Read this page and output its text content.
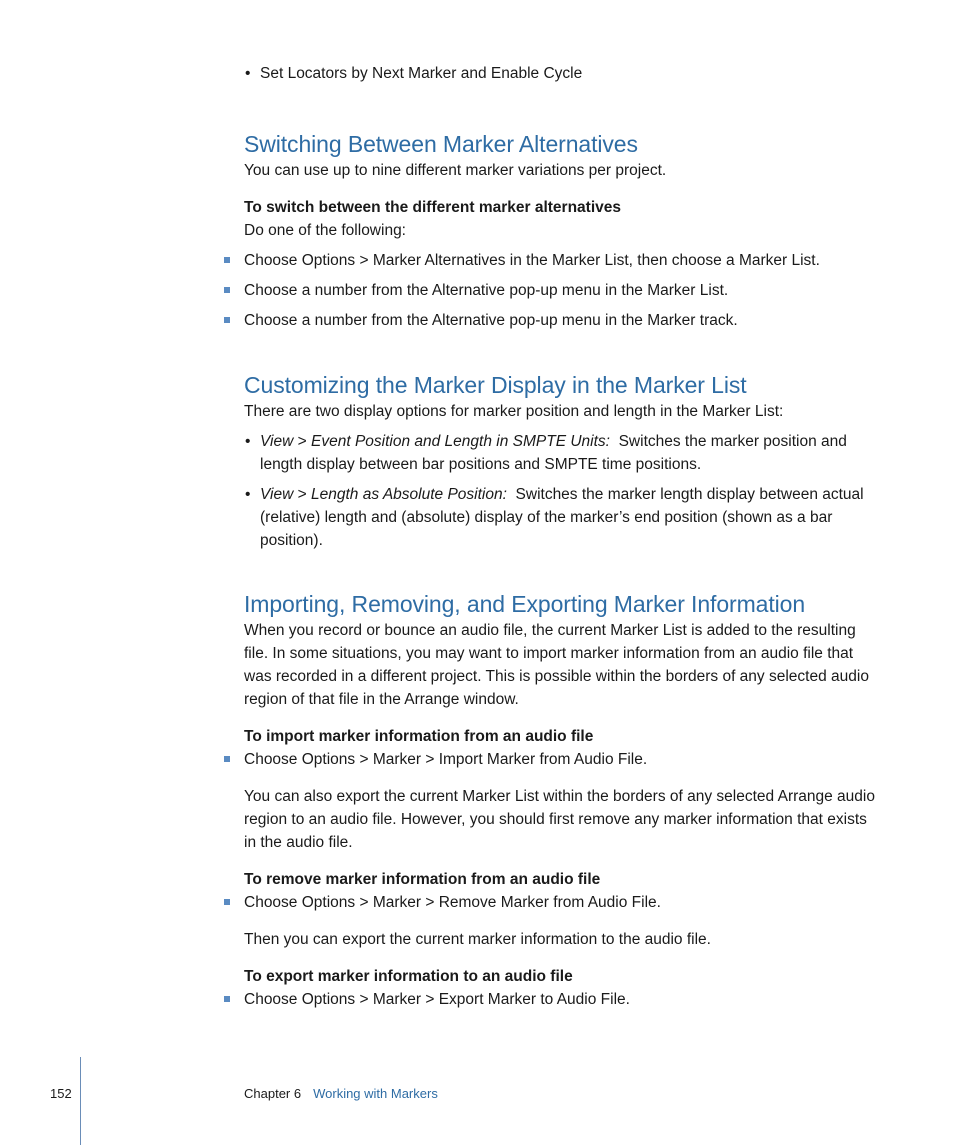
• Set Locators by Next Marker and Enable Cycle
Switching Between Marker Alternatives
You can use up to nine different marker variations per project.
To switch between the different marker alternatives
Do one of the following:
Choose Options > Marker Alternatives in the Marker List, then choose a Marker List.
Choose a number from the Alternative pop-up menu in the Marker List.
Choose a number from the Alternative pop-up menu in the Marker track.
Customizing the Marker Display in the Marker List
There are two display options for marker position and length in the Marker List:
• View > Event Position and Length in SMPTE Units: Switches the marker position and
length display between bar positions and SMPTE time positions.
• View > Length as Absolute Position: Switches the marker length display between actual
(relative) length and (absolute) display of the marker’s end position (shown as a bar position).
Importing, Removing, and Exporting Marker Information
When you record or bounce an audio file, the current Marker List is added to the resulting file. In some situations, you may want to import marker information from an audio file that was recorded in a different project. This is possible within the borders of any selected audio region of that file in the Arrange window.
To import marker information from an audio file
Choose Options > Marker > Import Marker from Audio File.
You can also export the current Marker List within the borders of any selected Arrange audio region to an audio file. However, you should first remove any marker information that exists in the audio file.
To remove marker information from an audio file
Choose Options > Marker > Remove Marker from Audio File.
Then you can export the current marker information to the audio file.
To export marker information to an audio file
Choose Options > Marker > Export Marker to Audio File.
152	Chapter 6 Working with Markers
